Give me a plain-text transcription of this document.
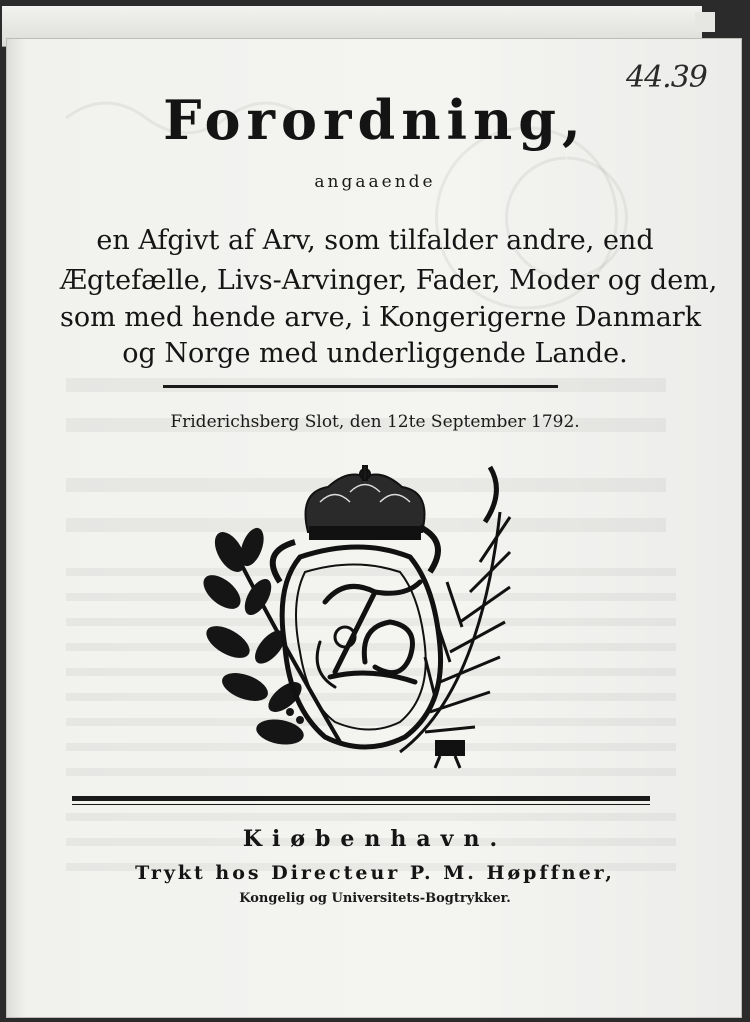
44.39
Forordning,
angaaende
en Afgivt af Arv, som tilfalder andre, end
Ægtefælle, Livs-Arvinger, Fader, Moder og dem,
som med hende arve, i Kongerigerne Danmark
og Norge med underliggende Lande.
Friderichsberg Slot, den 12te September 1792.
Kiøbenhavn.
Trykt hos Directeur P. M. Høpffner,
Kongelig og Universitets-Bogtrykker.
